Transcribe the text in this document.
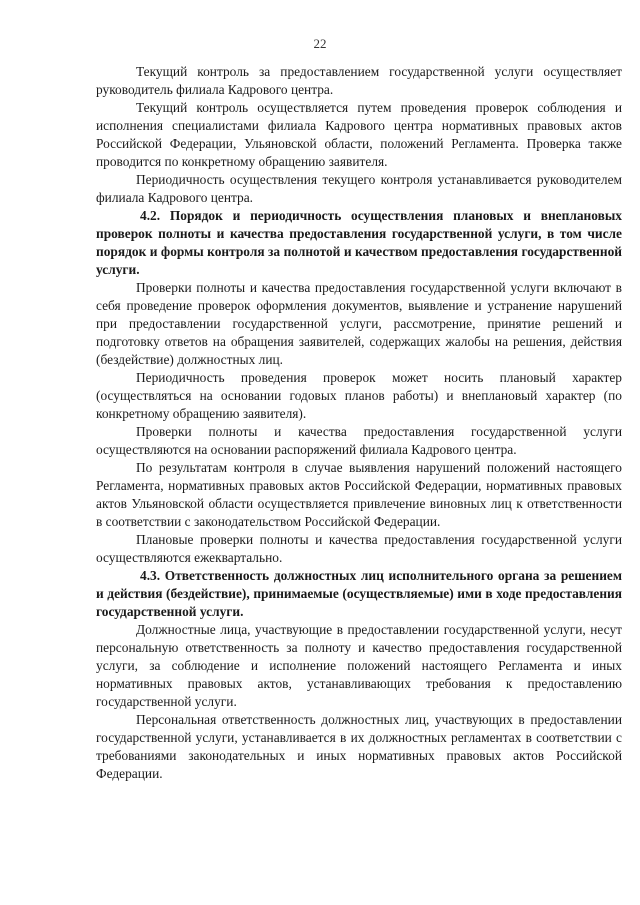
22

Текущий контроль за предоставлением государственной услуги осуществляет руководитель филиала Кадрового центра.

Текущий контроль осуществляется путем проведения проверок соблюдения и исполнения специалистами филиала Кадрового центра нормативных правовых актов Российской Федерации, Ульяновской области, положений Регламента. Проверка также проводится по конкретному обращению заявителя.

Периодичность осуществления текущего контроля устанавливается руководителем филиала Кадрового центра.

4.2. Порядок и периодичность осуществления плановых и внеплановых проверок полноты и качества предоставления государственной услуги, в том числе порядок и формы контроля за полнотой и качеством предоставления государственной услуги.

Проверки полноты и качества предоставления государственной услуги включают в себя проведение проверок оформления документов, выявление и устранение нарушений при предоставлении государственной услуги, рассмотрение, принятие решений и подготовку ответов на обращения заявителей, содержащих жалобы на решения, действия (бездействие) должностных лиц.

Периодичность проведения проверок может носить плановый характер (осуществляться на основании годовых планов работы) и внеплановый характер (по конкретному обращению заявителя).

Проверки полноты и качества предоставления государственной услуги осуществляются на основании распоряжений филиала Кадрового центра.

По результатам контроля в случае выявления нарушений положений настоящего Регламента, нормативных правовых актов Российской Федерации, нормативных правовых актов Ульяновской области осуществляется привлечение виновных лиц к ответственности в соответствии с законодательством Российской Федерации.

Плановые проверки полноты и качества предоставления государственной услуги осуществляются ежеквартально.

4.3. Ответственность должностных лиц исполнительного органа за решением и действия (бездействие), принимаемые (осуществляемые) ими в ходе предоставления государственной услуги.

Должностные лица, участвующие в предоставлении государственной услуги, несут персональную ответственность за полноту и качество предоставления государственной услуги, за соблюдение и исполнение положений настоящего Регламента и иных нормативных правовых актов, устанавливающих требования к предоставлению государственной услуги.

Персональная ответственность должностных лиц, участвующих в предоставлении государственной услуги, устанавливается в их должностных регламентах в соответствии с требованиями законодательных и иных нормативных правовых актов Российской Федерации.
